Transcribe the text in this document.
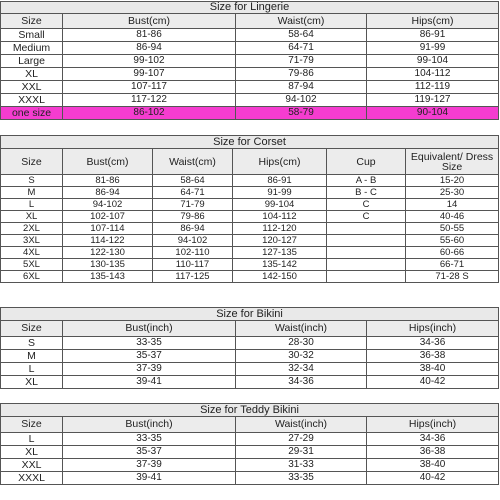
Size for Lingerie			
Size	Bust(cm)	Waist(cm)	Hips(cm)
Small	81-86	58-64	86-91
Medium	86-94	64-71	91-99
Large	99-102	71-79	99-104
XL	99-107	79-86	104-112
XXL	107-117	87-94	112-119
XXXL	117-122	94-102	119-127
one size	86-102	58-79	90-104
Size for Corset					
Size	Bust(cm)	Waist(cm)	Hips(cm)	Cup	Equivalent/ Dress Size
S	81-86	58-64	86-91	A - B	15-20
M	86-94	64-71	91-99	B - C	25-30
L	94-102	71-79	99-104	C	14
XL	102-107	79-86	104-112	C	40-46
2XL	107-114	86-94	112-120		50-55
3XL	114-122	94-102	120-127		55-60
4XL	122-130	102-110	127-135		60-66
5XL	130-135	110-117	135-142		66-71
6XL	135-143	117-125	142-150		71-28 S
Size for Bikini			
Size	Bust(inch)	Waist(inch)	Hips(inch)
S	33-35	28-30	34-36
M	35-37	30-32	36-38
L	37-39	32-34	38-40
XL	39-41	34-36	40-42
Size for Teddy Bikini			
Size	Bust(inch)	Waist(inch)	Hips(inch)
L	33-35	27-29	34-36
XL	35-37	29-31	36-38
XXL	37-39	31-33	38-40
XXXL	39-41	33-35	40-42
